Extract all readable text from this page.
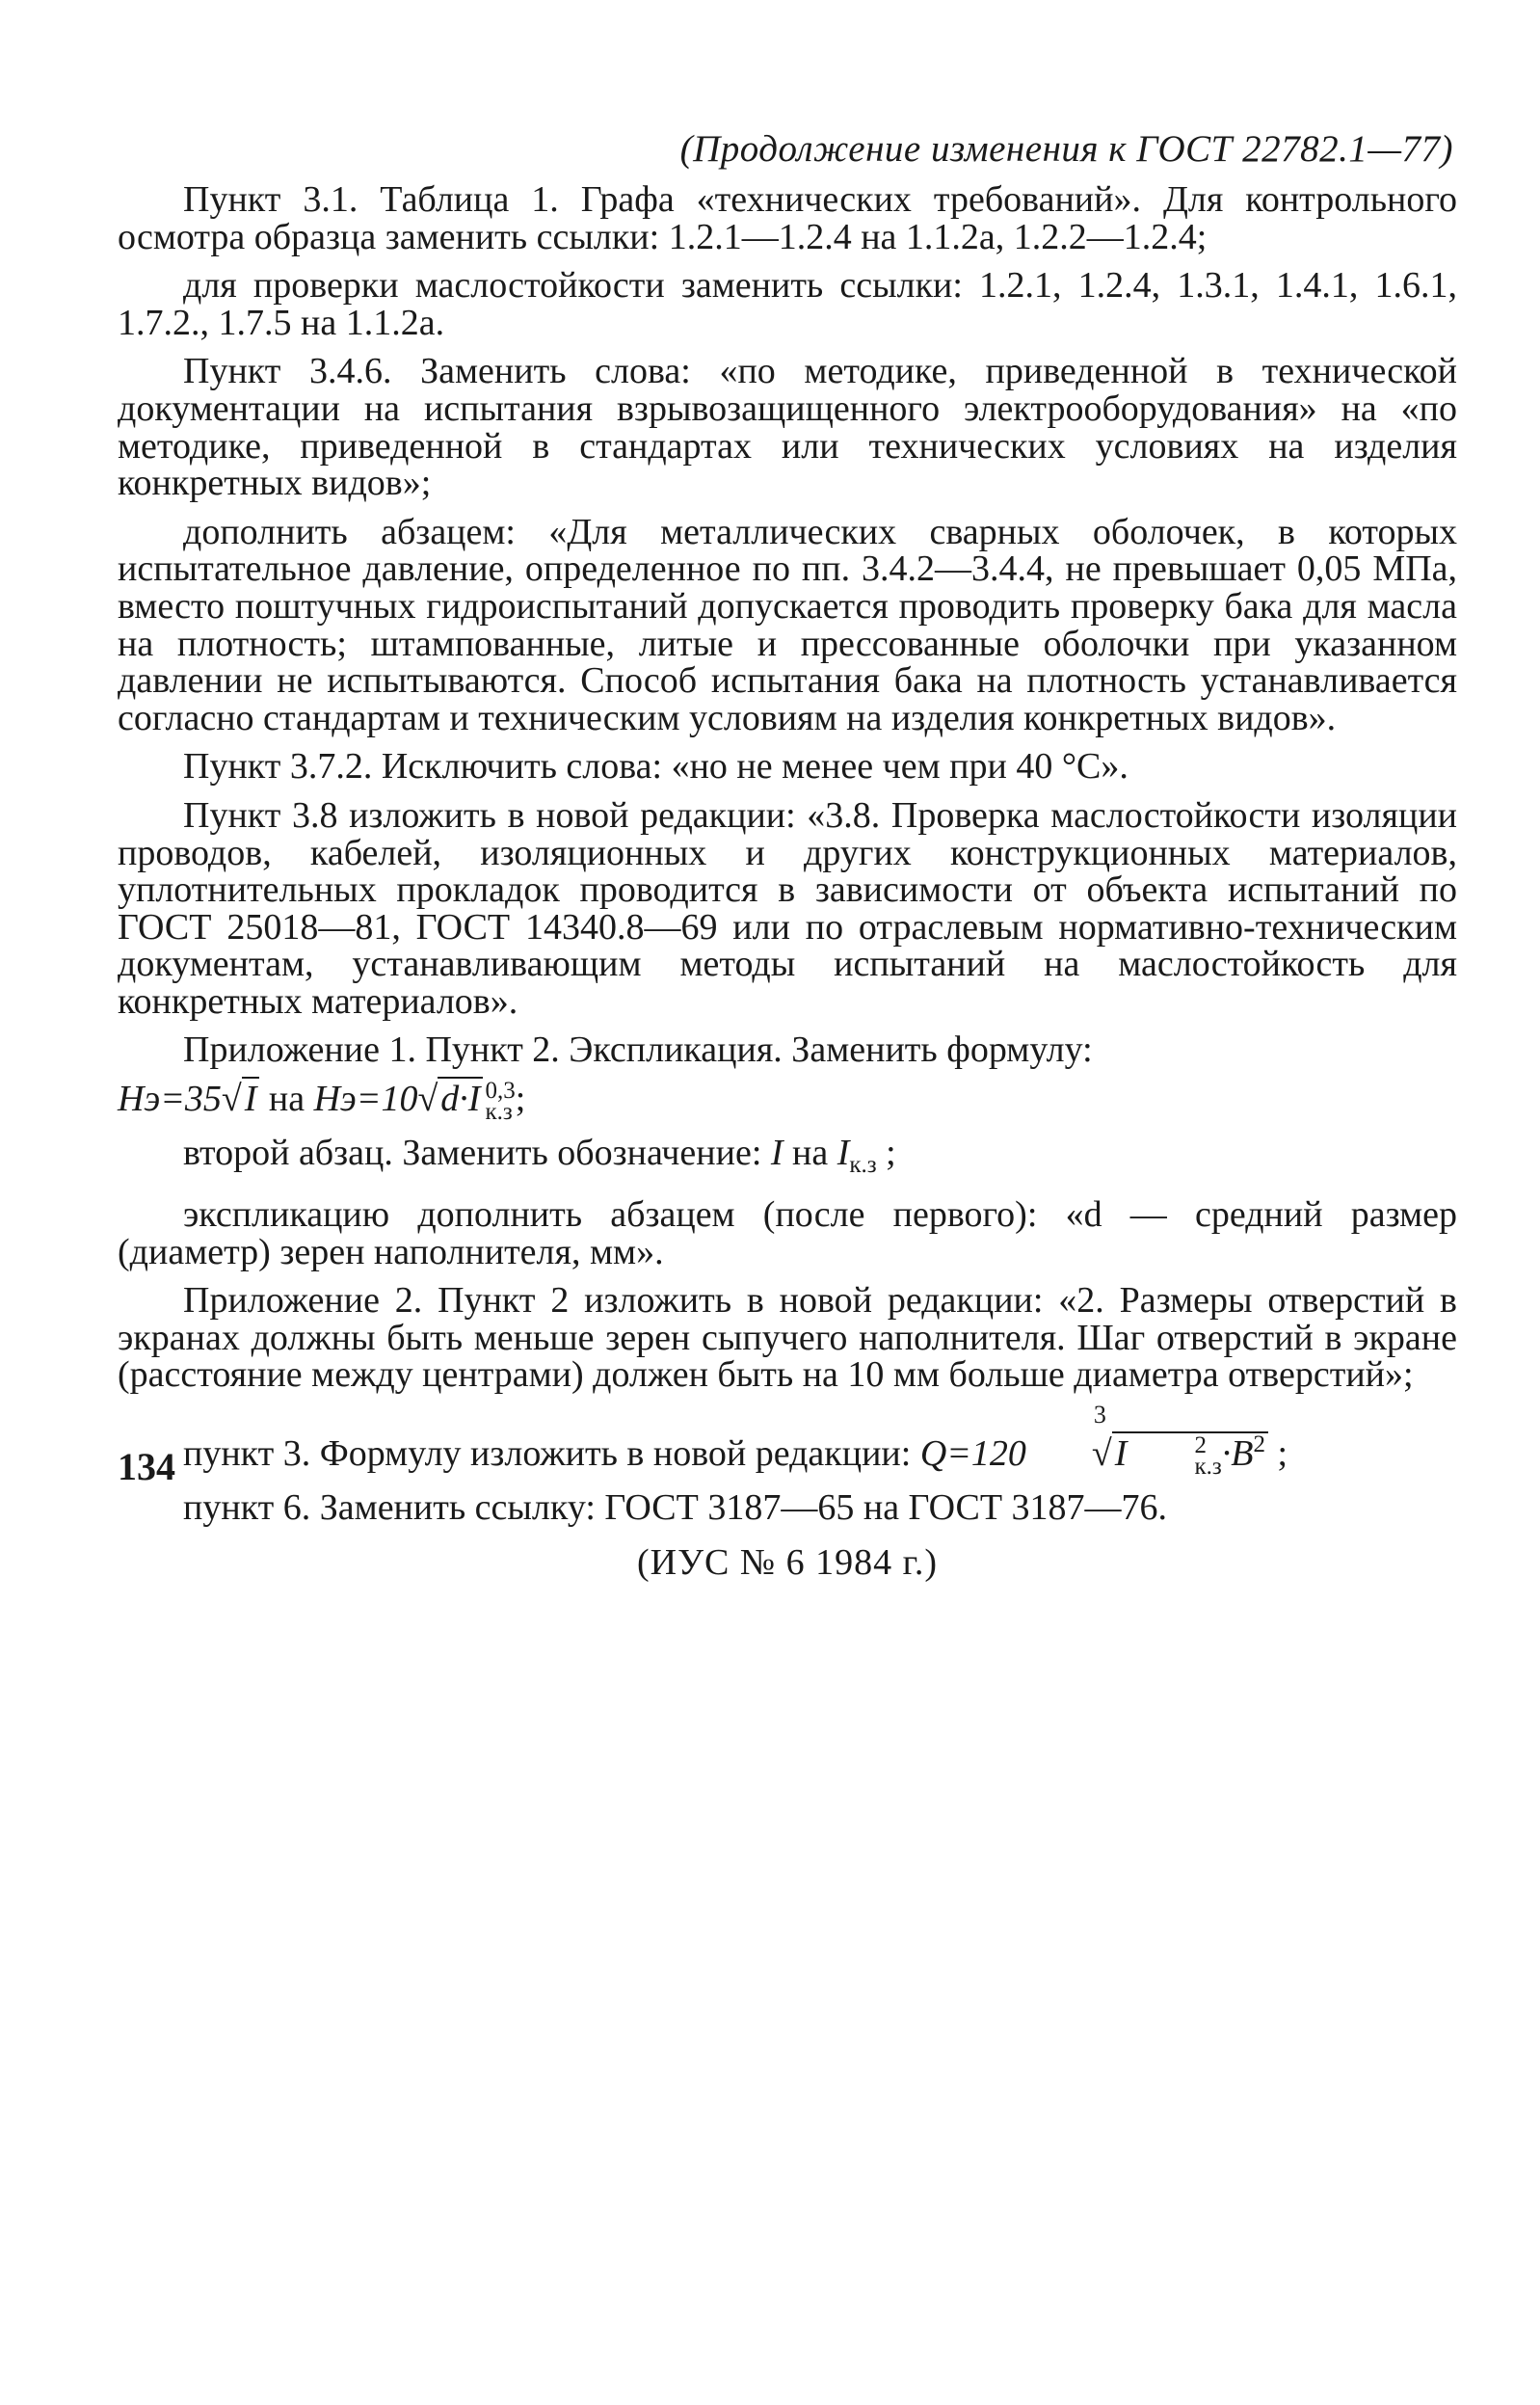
(Продолжение изменения к ГОСТ 22782.1—77)

Пункт 3.1. Таблица 1. Графа «технических требований». Для контрольного осмотра образца заменить ссылки: 1.2.1—1.2.4 на 1.1.2а, 1.2.2—1.2.4;

для проверки маслостойкости заменить ссылки: 1.2.1, 1.2.4, 1.3.1, 1.4.1, 1.6.1, 1.7.2., 1.7.5 на 1.1.2а.

Пункт 3.4.6. Заменить слова: «по методике, приведенной в технической документации на испытания взрывозащищенного электрооборудования» на «по методике, приведенной в стандартах или технических условиях на изделия конкретных видов»;

дополнить абзацем: «Для металлических сварных оболочек, в которых испытательное давление, определенное по пп. 3.4.2—3.4.4, не превышает 0,05 МПа, вместо поштучных гидроиспытаний допускается проводить проверку бака для масла на плотность; штампованные, литые и прессованные оболочки при указанном давлении не испытываются. Способ испытания бака на плотность устанавливается согласно стандартам и техническим условиям на изделия конкретных видов».

Пункт 3.7.2. Исключить слова: «но не менее чем при 40 °С».

Пункт 3.8 изложить в новой редакции: «3.8. Проверка маслостойкости изоляции проводов, кабелей, изоляционных и других конструкционных материалов, уплотнительных прокладок проводится в зависимости от объекта испытаний по ГОСТ 25018—81, ГОСТ 14340.8—69 или по отраслевым нормативно-техническим документам, устанавливающим методы испытаний на маслостойкость для конкретных материалов».

Приложение 1. Пункт 2. Экспликация. Заменить формулу:

Hэ=35√I на Hэ=10√d·I 0,3
к.з ;

второй абзац. Заменить обозначение: I на $I_{к.з}$ ;

экспликацию дополнить абзацем (после первого): «d — средний размер (диаметр) зерен наполнителя, мм».

Приложение 2. Пункт 2 изложить в новой редакции: «2. Размеры отверстий в экранах должны быть меньше зерен сыпучего наполнителя. Шаг отверстий в экране (расстояние между центрами) должен быть на 10 мм больше диаметра отверстий»;

пункт 3. Формулу изложить в новой редакции: Q=120
3
√I	2
$к.з \cdot B^2$ ;

пункт 6. Заменить ссылку: ГОСТ 3187—65 на ГОСТ 3187—76.

(ИУС № 6 1984 г.)

134
